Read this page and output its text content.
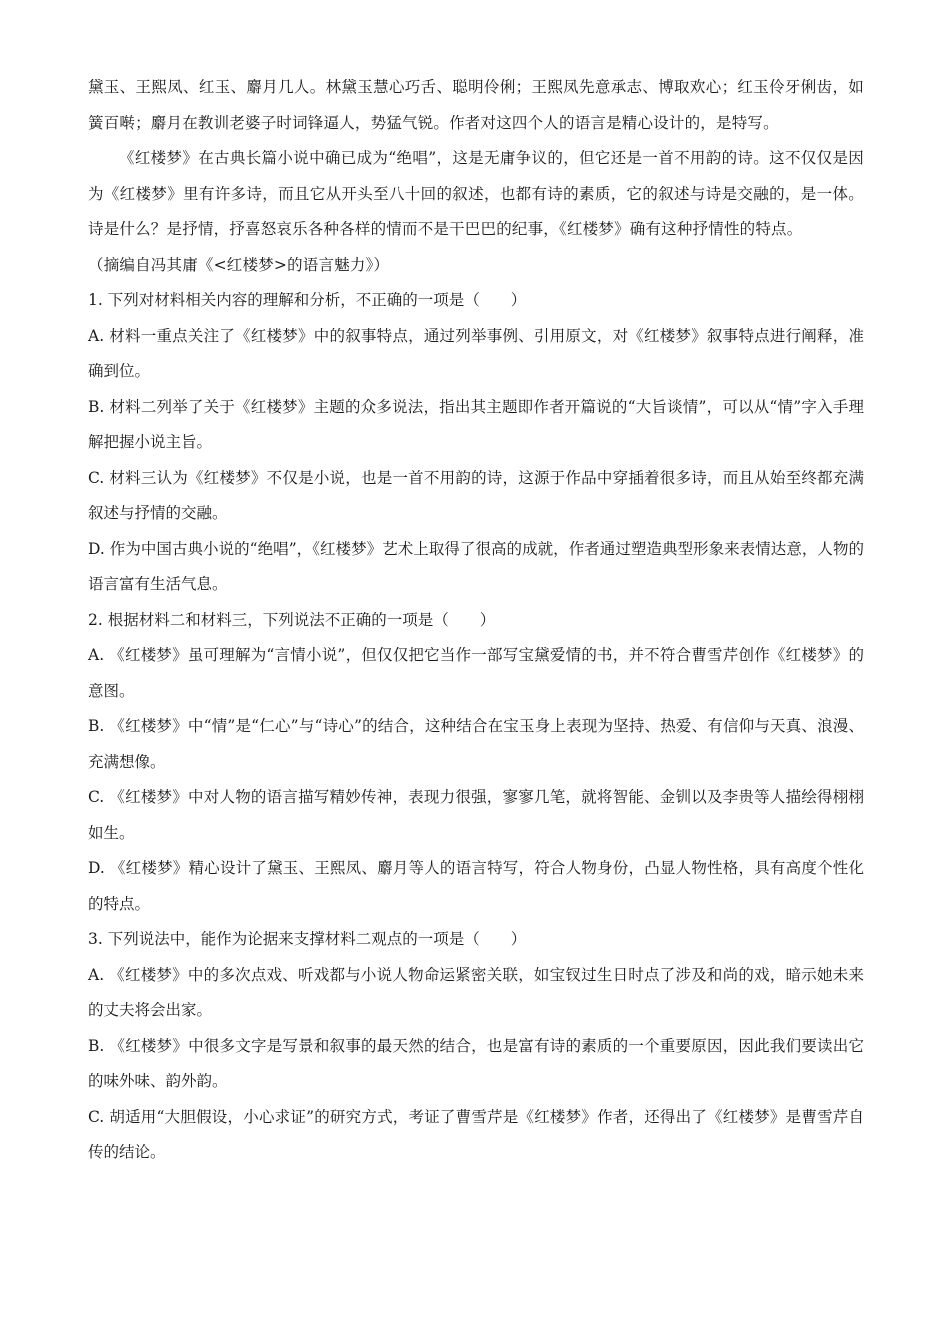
黛玉、王熙凤、红玉、麝月几人。林黛玉慧心巧舌、聪明伶俐；王熙凤先意承志、博取欢心；红玉伶牙俐齿，如簧百啭；麝月在教训老婆子时词锋逼人，势猛气锐。作者对这四个人的语言是精心设计的，是特写。

《红楼梦》在古典长篇小说中确已成为“绝唱”，这是无庸争议的，但它还是一首不用韵的诗。这不仅仅是因为《红楼梦》里有许多诗，而且它从开头至八十回的叙述，也都有诗的素质，它的叙述与诗是交融的，是一体。诗是什么？是抒情，抒喜怒哀乐各种各样的情而不是干巴巴的纪事，《红楼梦》确有这种抒情性的特点。

（摘编自冯其庸《<红楼梦>的语言魅力》）

1. 下列对材料相关内容的理解和分析，不正确的一项是（　　）

A. 材料一重点关注了《红楼梦》中的叙事特点，通过列举事例、引用原文，对《红楼梦》叙事特点进行阐释，准确到位。

B. 材料二列举了关于《红楼梦》主题的众多说法，指出其主题即作者开篇说的“大旨谈情”，可以从“情”字入手理解把握小说主旨。

C. 材料三认为《红楼梦》不仅是小说，也是一首不用韵的诗，这源于作品中穿插着很多诗，而且从始至终都充满叙述与抒情的交融。

D. 作为中国古典小说的“绝唱”，《红楼梦》艺术上取得了很高的成就，作者通过塑造典型形象来表情达意，人物的语言富有生活气息。

2. 根据材料二和材料三，下列说法不正确的一项是（　　）

A. 《红楼梦》虽可理解为“言情小说”，但仅仅把它当作一部写宝黛爱情的书，并不符合曹雪芹创作《红楼梦》的意图。

B. 《红楼梦》中“情”是“仁心”与“诗心”的结合，这种结合在宝玉身上表现为坚持、热爱、有信仰与天真、浪漫、充满想像。

C. 《红楼梦》中对人物的语言描写精妙传神，表现力很强，寥寥几笔，就将智能、金钏以及李贵等人描绘得栩栩如生。

D. 《红楼梦》精心设计了黛玉、王熙凤、麝月等人的语言特写，符合人物身份，凸显人物性格，具有高度个性化的特点。

3. 下列说法中，能作为论据来支撑材料二观点的一项是（　　）

A. 《红楼梦》中的多次点戏、听戏都与小说人物命运紧密关联，如宝钗过生日时点了涉及和尚的戏，暗示她未来的丈夫将会出家。

B. 《红楼梦》中很多文字是写景和叙事的最天然的结合，也是富有诗的素质的一个重要原因，因此我们要读出它的味外味、韵外韵。

C. 胡适用“大胆假设，小心求证”的研究方式，考证了曹雪芹是《红楼梦》作者，还得出了《红楼梦》是曹雪芹自传的结论。
